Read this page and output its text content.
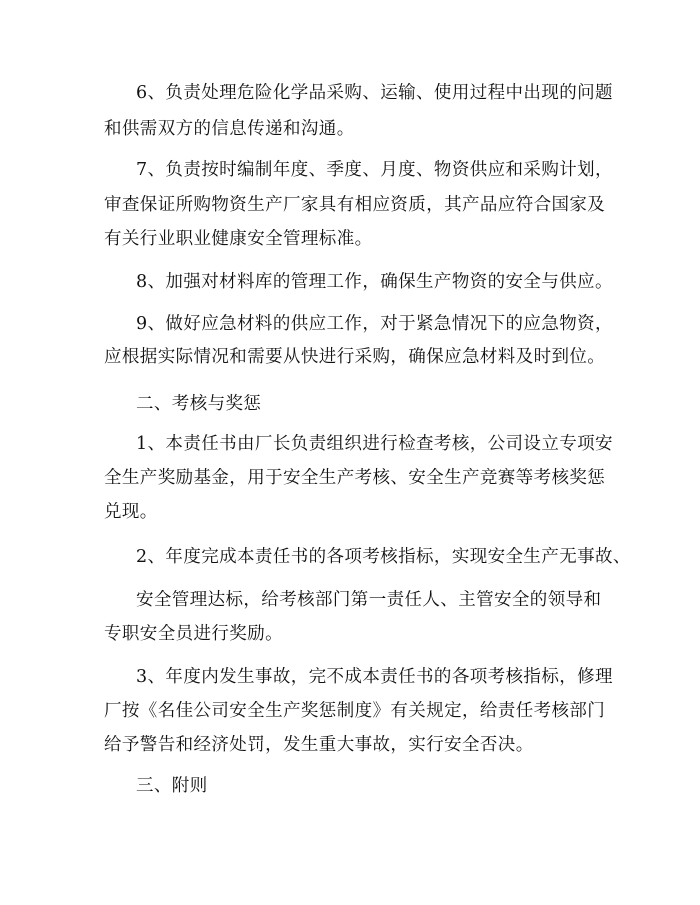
6、负责处理危险化学品采购、运输、使用过程中出现的问题
和供需双方的信息传递和沟通。
7、负责按时编制年度、季度、月度、物资供应和采购计划，
审查保证所购物资生产厂家具有相应资质，其产品应符合国家及
有关行业职业健康安全管理标准。
8、加强对材料库的管理工作，确保生产物资的安全与供应。
9、做好应急材料的供应工作，对于紧急情况下的应急物资，
应根据实际情况和需要从快进行采购，确保应急材料及时到位。
二、考核与奖惩
1、本责任书由厂长负责组织进行检查考核，公司设立专项安
全生产奖励基金，用于安全生产考核、安全生产竞赛等考核奖惩
兑现。
2、年度完成本责任书的各项考核指标，实现安全生产无事故、
安全管理达标，给考核部门第一责任人、主管安全的领导和
专职安全员进行奖励。
3、年度内发生事故，完不成本责任书的各项考核指标，修理
厂按《名佳公司安全生产奖惩制度》有关规定，给责任考核部门
给予警告和经济处罚，发生重大事故，实行安全否决。
三、附则
